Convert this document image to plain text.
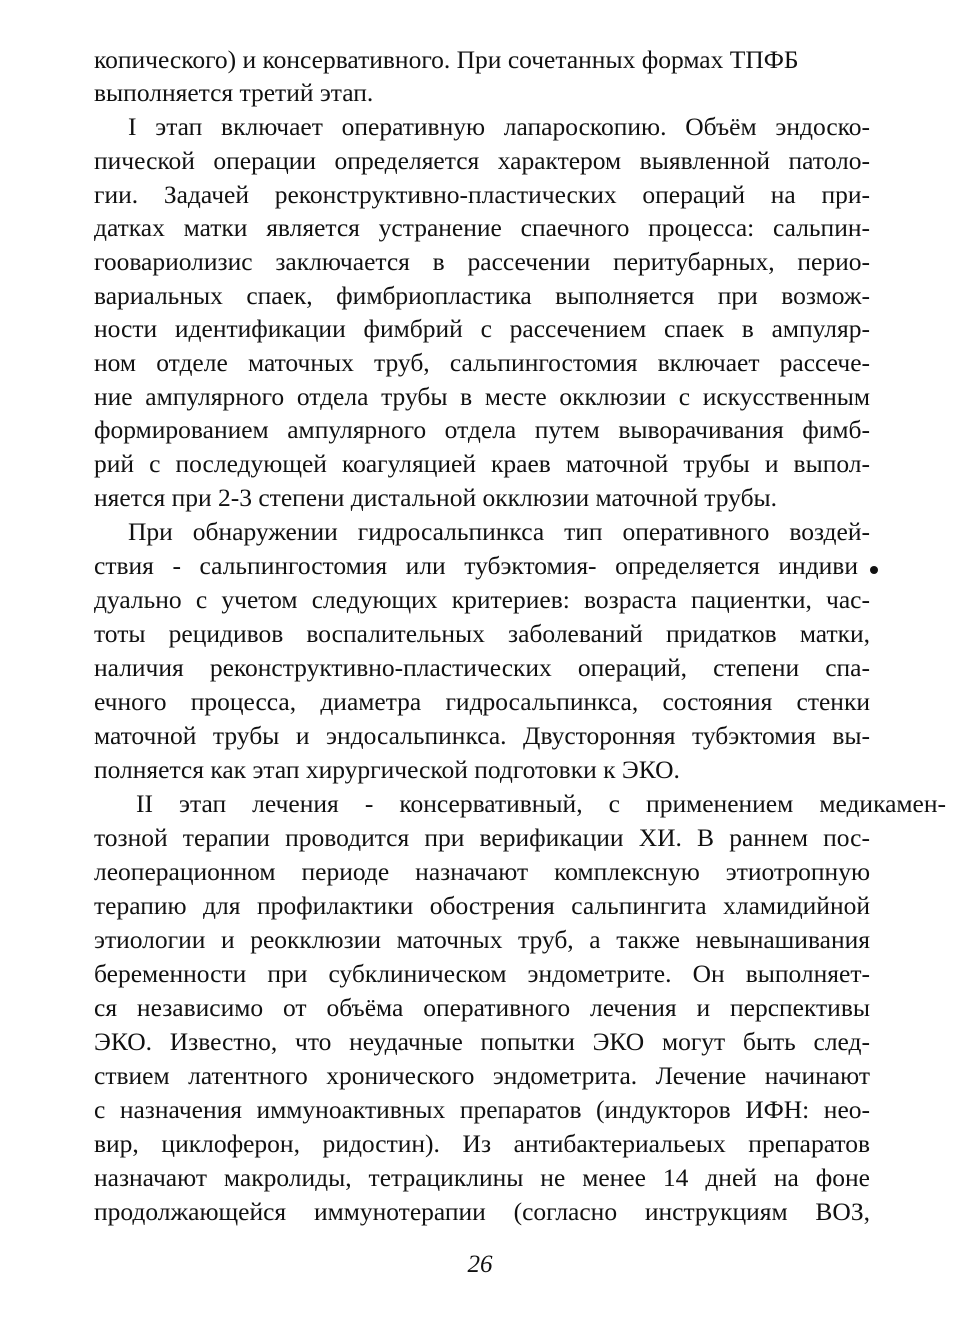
копического) и консервативного. При сочетанных формах ТПФБ
выполняется третий этап.
I этап включает оперативную лапароскопию. Объём эндоско-
пической операции определяется характером выявленной патоло-
гии. Задачей реконструктивно-пластических операций на при-
датках матки является устранение спаечного процесса: сальпин-
гоовариолизис заключается в рассечении перитубарных, перио-
вариальных спаек, фимбриопластика выполняется при возмож-
ности идентификации фимбрий с рассечением спаек в ампуляр-
ном отделе маточных труб, сальпингостомия включает рассече-
ние ампулярного отдела трубы в месте окклюзии с искусственным
формированием ампулярного отдела путем выворачивания фимб-
рий с последующей коагуляцией краев маточной трубы и выпол-
няется при 2-3 степени дистальной окклюзии маточной трубы.
При обнаружении гидросальпинкса тип оперативного воздей-
ствия - сальпингостомия или тубэктомия- определяется индиви
дуально с учетом следующих критериев: возраста пациентки, час-
тоты рецидивов воспалительных заболеваний придатков матки,
наличия реконструктивно-пластических операций, степени спа-
ечного процесса, диаметра гидросальпинкса, состояния стенки
маточной трубы и эндосальпинкса. Двусторонняя тубэктомия вы-
полняется как этап хирургической подготовки к ЭКО.
II этап лечения - консервативный, с применением медикамен-
тозной терапии проводится при верификации ХИ. В раннем пос-
леоперационном периоде назначают комплексную этиотропную
терапию для профилактики обострения сальпингита хламидийной
этиологии и реокклюзии маточных труб, а также невынашивания
беременности при субклиническом эндометрите. Он выполняет-
ся независимо от объёма оперативного лечения и перспективы
ЭКО. Известно, что неудачные попытки ЭКО могут быть след-
ствием латентного хронического эндометрита. Лечение начинают
с назначения иммуноактивных препаратов (индукторов ИФН: нео-
вир, циклоферон, ридостин). Из антибактериальеых препаратов
назначают макролиды, тетрациклины не менее 14 дней на фоне
продолжающейся иммунотерапии (согласно инструкциям ВОЗ,
26
